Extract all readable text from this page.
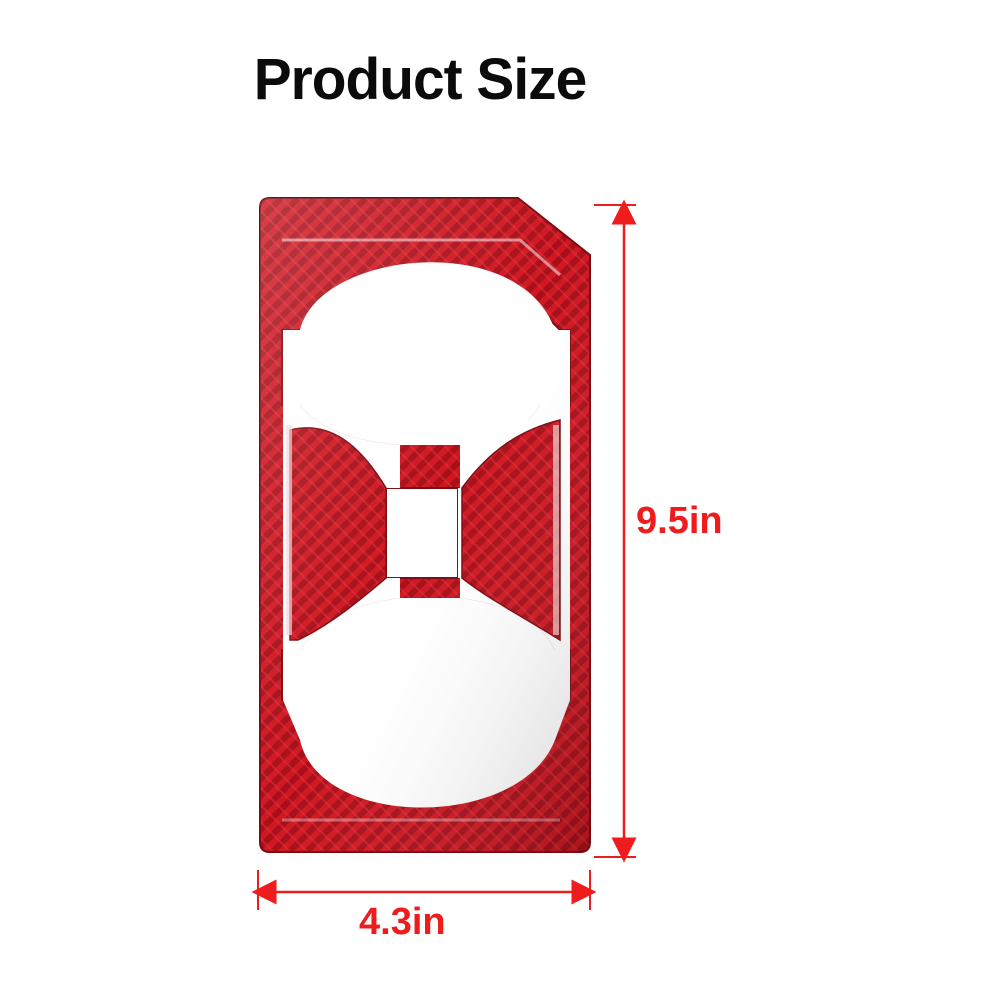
Product Size
9.5in
4.3in
